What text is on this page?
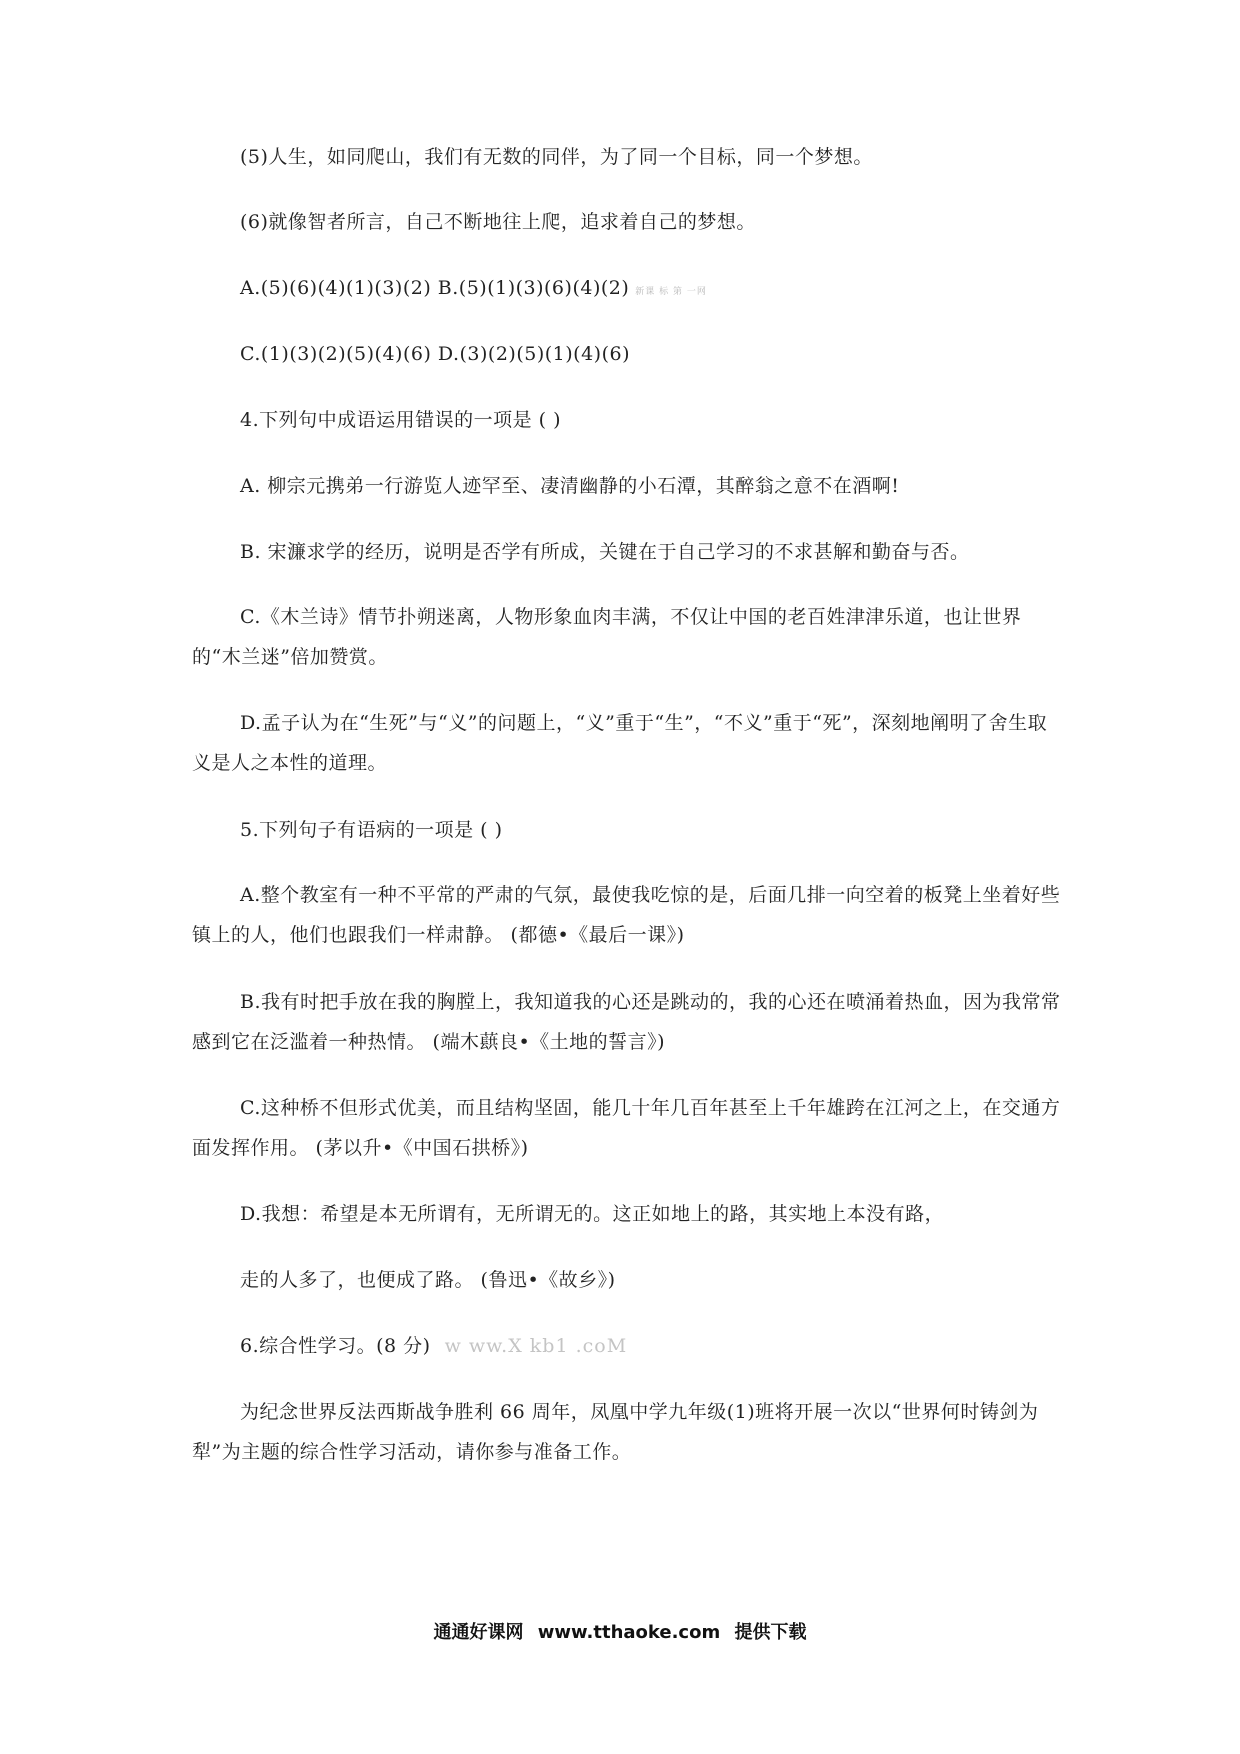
(5)人生，如同爬山，我们有无数的同伴，为了同一个目标，同一个梦想。
(6)就像智者所言，自己不断地往上爬，追求着自己的梦想。
A.(5)(6)(4)(1)(3)(2) B.(5)(1)(3)(6)(4)(2) 新课 标 第 一网
C.(1)(3)(2)(5)(4)(6) D.(3)(2)(5)(1)(4)(6)
4.下列句中成语运用错误的一项是 ( )
A. 柳宗元携弟一行游览人迹罕至、凄清幽静的小石潭，其醉翁之意不在酒啊!
B. 宋濂求学的经历，说明是否学有所成，关键在于自己学习的不求甚解和勤奋与否。
C.《木兰诗》情节扑朔迷离，人物形象血肉丰满，不仅让中国的老百姓津津乐道，也让世界的“木兰迷”倍加赞赏。
D.孟子认为在“生死”与“义”的问题上，“义”重于“生”，“不义”重于“死”，深刻地阐明了舍生取义是人之本性的道理。
5.下列句子有语病的一项是 ( )
A.整个教室有一种不平常的严肃的气氛，最使我吃惊的是，后面几排一向空着的板凳上坐着好些镇上的人，他们也跟我们一样肃静。 (都德•《最后一课》)
B.我有时把手放在我的胸膛上，我知道我的心还是跳动的，我的心还在喷涌着热血，因为我常常感到它在泛滥着一种热情。 (端木蕻良•《土地的誓言》)
C.这种桥不但形式优美，而且结构坚固，能几十年几百年甚至上千年雄跨在江河之上，在交通方面发挥作用。 (茅以升•《中国石拱桥》)
D.我想：希望是本无所谓有，无所谓无的。这正如地上的路，其实地上本没有路，
走的人多了，也便成了路。 (鲁迅•《故乡》)
6.综合性学习。(8 分) w ww.X kb1 .coM
为纪念世界反法西斯战争胜利 66 周年，凤凰中学九年级(1)班将开展一次以“世界何时铸剑为犁”为主题的综合性学习活动，请你参与准备工作。
通通好课网 www.tthaoke.com 提供下载
